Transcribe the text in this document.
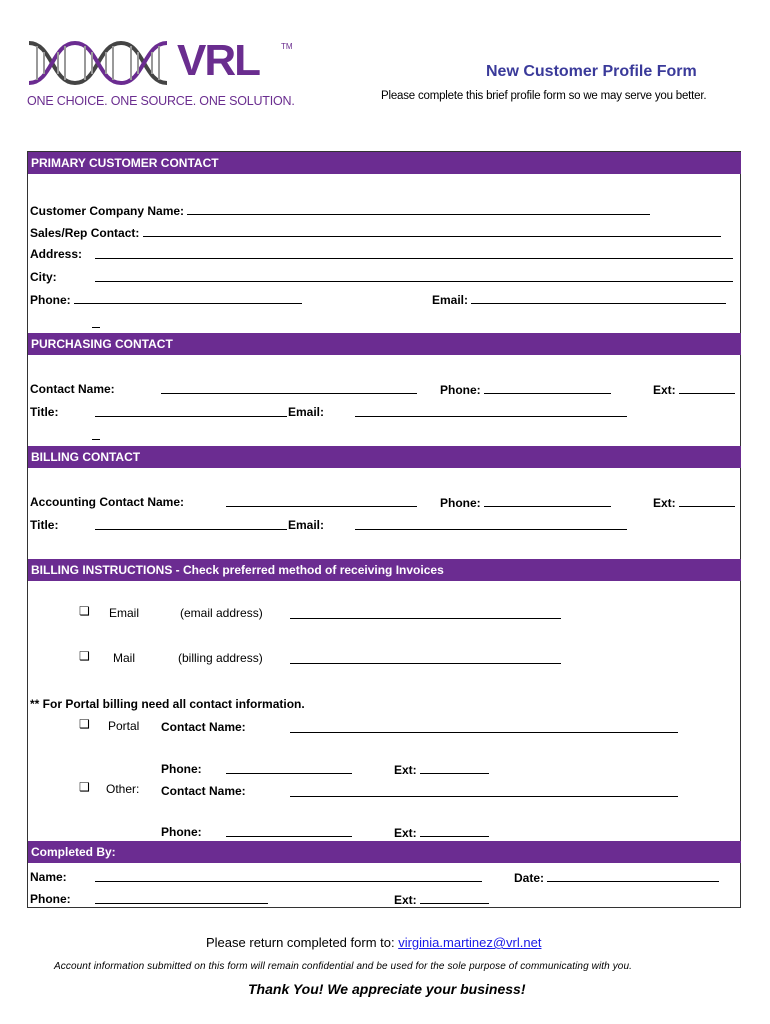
VRL	TM
ONE CHOICE. ONE SOURCE. ONE SOLUTION.
New Customer Profile Form
Please complete this brief profile form so we may serve you better.
PRIMARY CUSTOMER CONTACT
Customer Company Name:
Sales/Rep Contact:
Address:
City:
Phone:	Email:
PURCHASING CONTACT
Contact Name:	Phone:	Ext:
Title:	Email:
BILLING CONTACT
Accounting Contact Name:	Phone:	Ext:
Title:	Email:
BILLING INSTRUCTIONS - Check preferred method of receiving Invoices
❏ Email	(email address)
❑ Mail	(billing address)
** For Portal billing need all contact information.
❑ Portal Contact Name:
Phone:	Ext:
❑ Other: Contact Name:
Phone:	Ext:
Completed By:
Name:	Date:
Phone:	Ext:
Please return completed form to: virginia.martinez@vrl.net
Account information submitted on this form will remain confidential and be used for the sole purpose of communicating with you.
Thank You! We appreciate your business!
